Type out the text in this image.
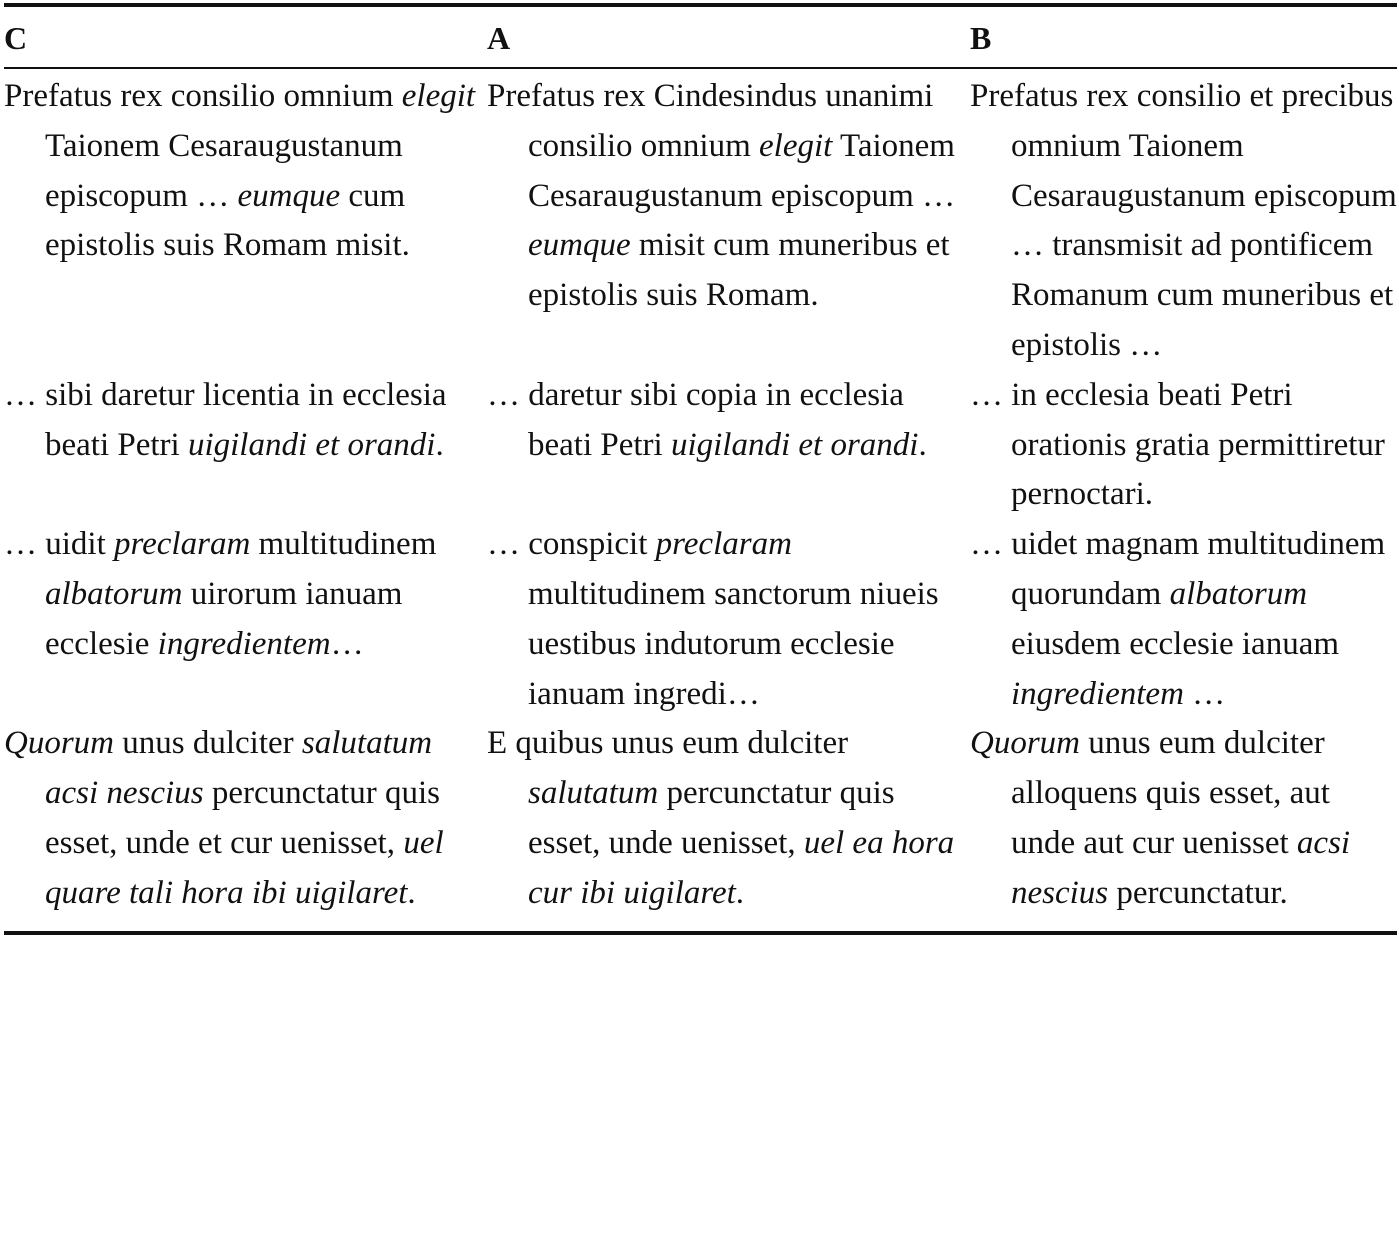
C	A	B
Prefatus rex consilio omnium elegit Taionem Cesaraugustanum episcopum … eumque cum epistolis suis Romam misit.
Prefatus rex Cindesindus unanimi consilio omnium elegit Taionem Cesaraugustanum episcopum … eumque misit cum muneribus et epistolis suis Romam.
Prefatus rex consilio et precibus omnium Taionem Cesaraugustanum episcopum … transmisit ad pontificem Romanum cum muneribus et epistolis …
… sibi daretur licentia in ecclesia beati Petri uigilandi et orandi.
… daretur sibi copia in ecclesia beati Petri uigilandi et orandi.
… in ecclesia beati Petri orationis gratia permittiretur pernoctari.
… uidit preclaram multitudinem albatorum uirorum ianuam ecclesie ingredientem…
… conspicit preclaram multitudinem sanctorum niueis uestibus indutorum ecclesie ianuam ingredi…
… uidet magnam multitudinem quorundam albatorum eiusdem ecclesie ianuam ingredientem …
Quorum unus dulciter salutatum acsi nescius percunctatur quis esset, unde et cur uenisset, uel quare tali hora ibi uigilaret.
E quibus unus eum dulciter salutatum percunctatur quis esset, unde uenisset, uel ea hora cur ibi uigilaret.
Quorum unus eum dulciter alloquens quis esset, aut unde aut cur uenisset acsi nescius percunctatur.
